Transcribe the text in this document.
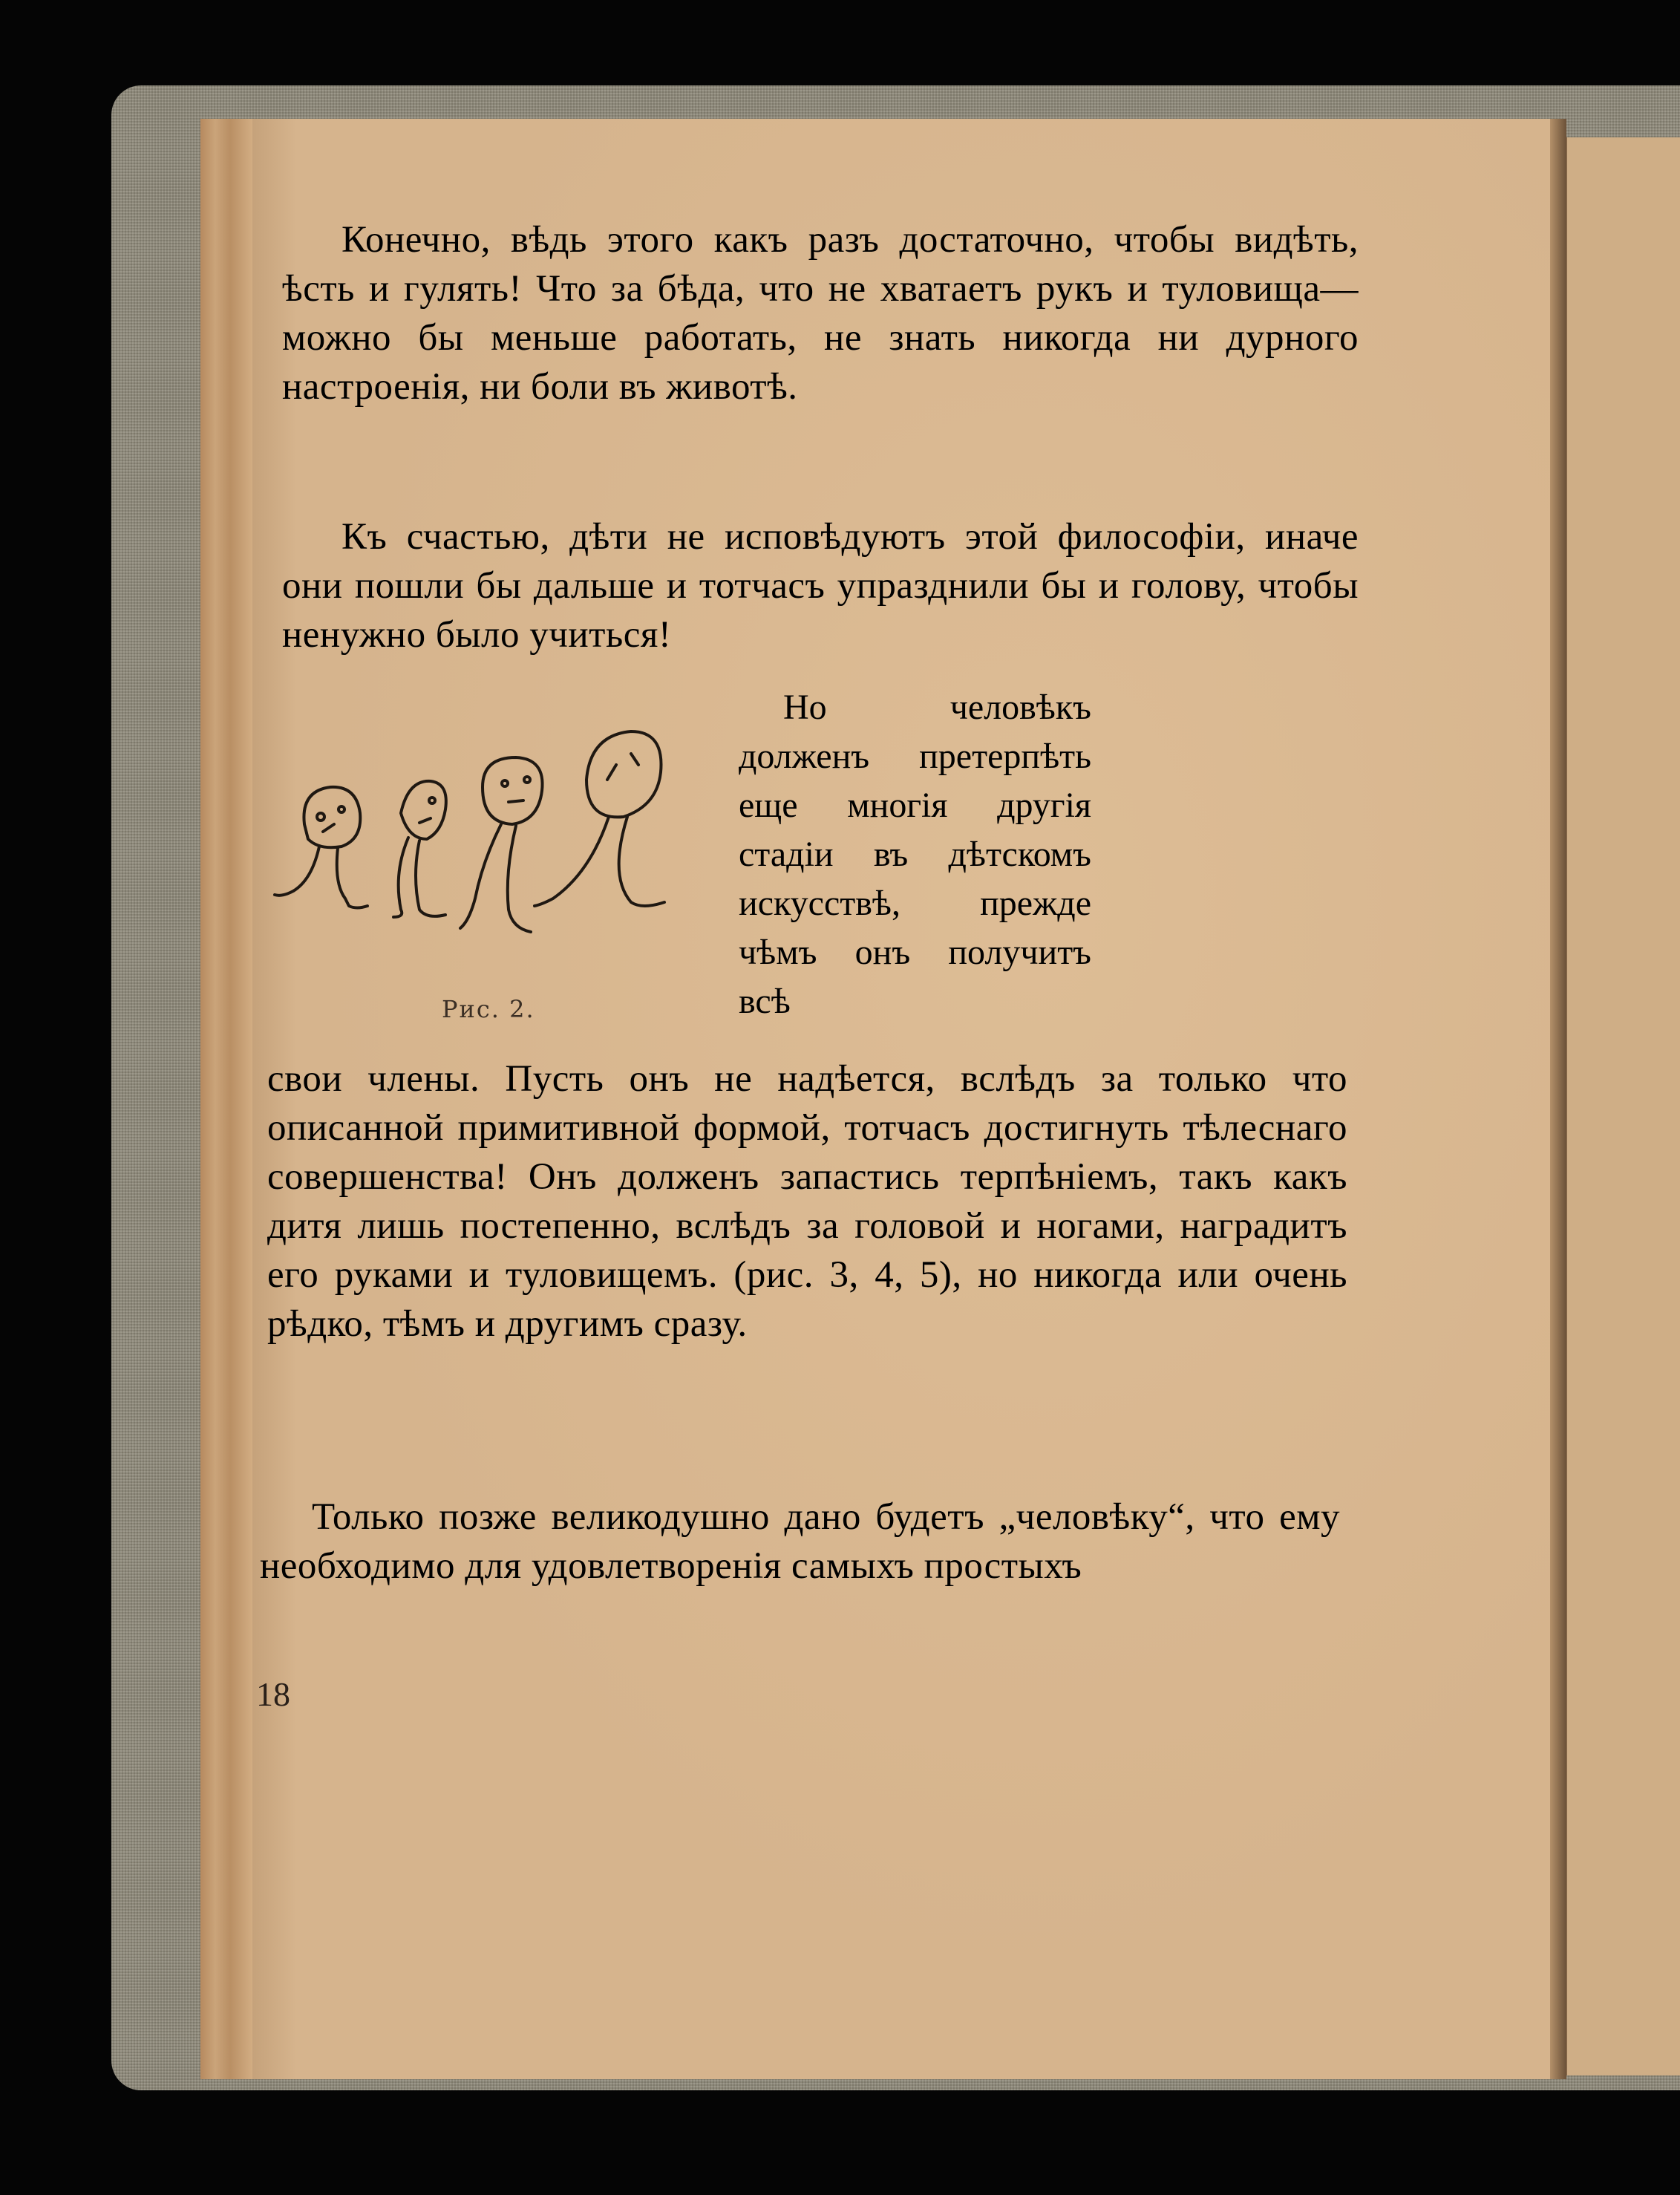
Конечно, вѣдь этого какъ разъ достаточно, чтобы видѣть, ѣсть и гулять! Что за бѣда, что не хватаетъ рукъ и туловища—можно бы меньше работать, не знать никогда ни дурного настроенія, ни боли въ животѣ.

Къ счастью, дѣти не исповѣдуютъ этой философіи, иначе они пошли бы дальше и тотчасъ упразднили бы и голову, чтобы ненужно было учиться!

Рис. 2.

Но человѣкъ долженъ претерпѣть еще многія другія стадіи въ дѣтскомъ искусствѣ, прежде чѣмъ онъ получитъ всѣ

свои члены. Пусть онъ не надѣется, вслѣдъ за только что описанной примитивной формой, тотчасъ достигнуть тѣлеснаго совершенства! Онъ долженъ запастись терпѣніемъ, такъ какъ дитя лишь постепенно, вслѣдъ за головой и ногами, наградитъ его руками и туловищемъ. (рис. 3, 4, 5), но никогда или очень рѣдко, тѣмъ и другимъ сразу.

Только позже великодушно дано будетъ „человѣку“, что ему необходимо для удовлетворенія самыхъ простыхъ

18
